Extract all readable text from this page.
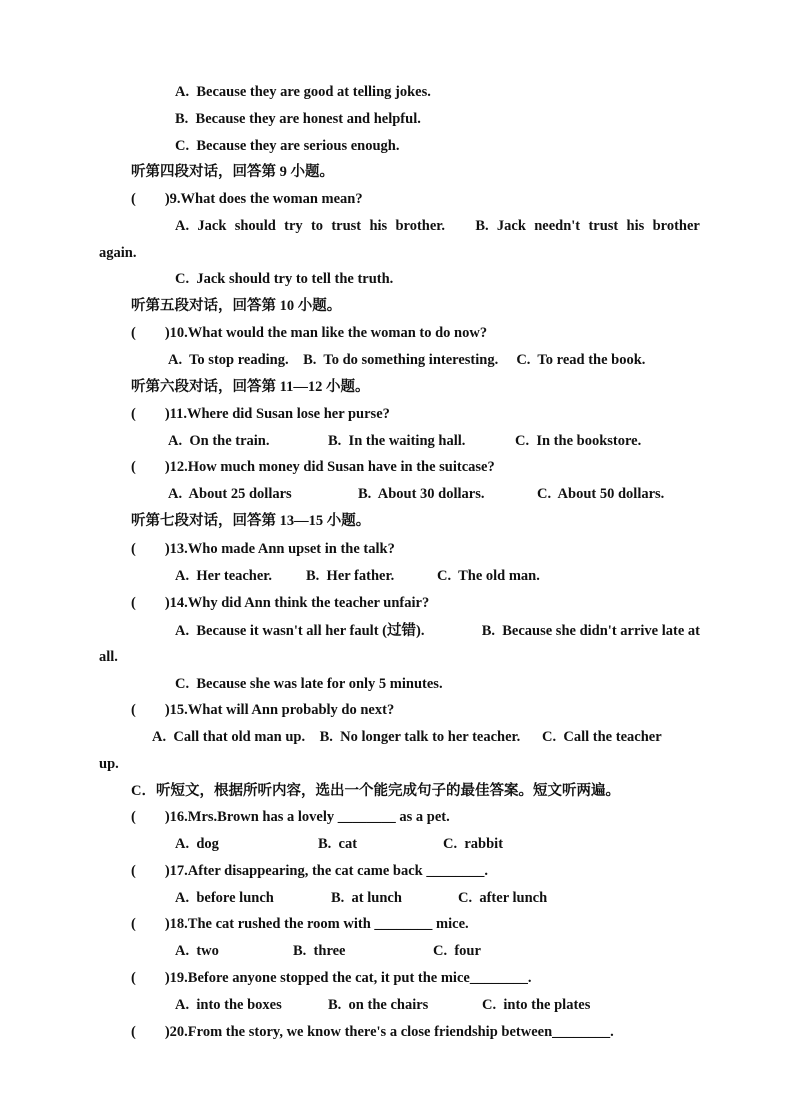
A.  Because they are good at telling jokes.
B.  Because they are honest and helpful.
C.  Because they are serious enough.
听第四段对话，回答第 9 小题。
(        )9.What does the woman mean?
A. Jack should try to trust his brother. B. Jack needn't trust his brother
again.
C.  Jack should try to tell the truth.
听第五段对话，回答第 10 小题。
(        )10.What would the man like the woman to do now?
A.  To stop reading.    B.  To do something interesting.     C.  To read the book.
听第六段对话，回答第 11—12 小题。
(        )11.Where did Susan lose her purse?
A.  On the train.	B.  In the waiting hall.	C.  In the bookstore.
(        )12.How much money did Susan have in the suitcase?
A.  About 25 dollars	B.  About 30 dollars.	C.  About 50 dollars.
听第七段对话，回答第 13—15 小题。
(        )13.Who made Ann upset in the talk?
A.  Her teacher. B.  Her father.	C.  The old man.
(        )14.Why did Ann think the teacher unfair?
A.  Because it wasn't all her fault (过错).	B.  Because she didn't arrive late at
all.
C.  Because she was late for only 5 minutes.
(        )15.What will Ann probably do next?
A.  Call that old man up.    B.  No longer talk to her teacher.      C.  Call the teacher
up.
C．听短文，根据所听内容，选出一个能完成句子的最佳答案。短文听两遍。
(        )16.Mrs.Brown has a lovely ________ as a pet.
A.  dog	B.  cat	C.  rabbit
(        )17.After disappearing, the cat came back ________.
A.  before lunch	B.  at lunch	C.  after lunch
(        )18.The cat rushed the room with ________ mice.
A.  two	B.  three	C.  four
(        )19.Before anyone stopped the cat, it put the mice________.
A.  into the boxes	B.  on the chairs	C.  into the plates
(        )20.From the story, we know there's a close friendship between________.
